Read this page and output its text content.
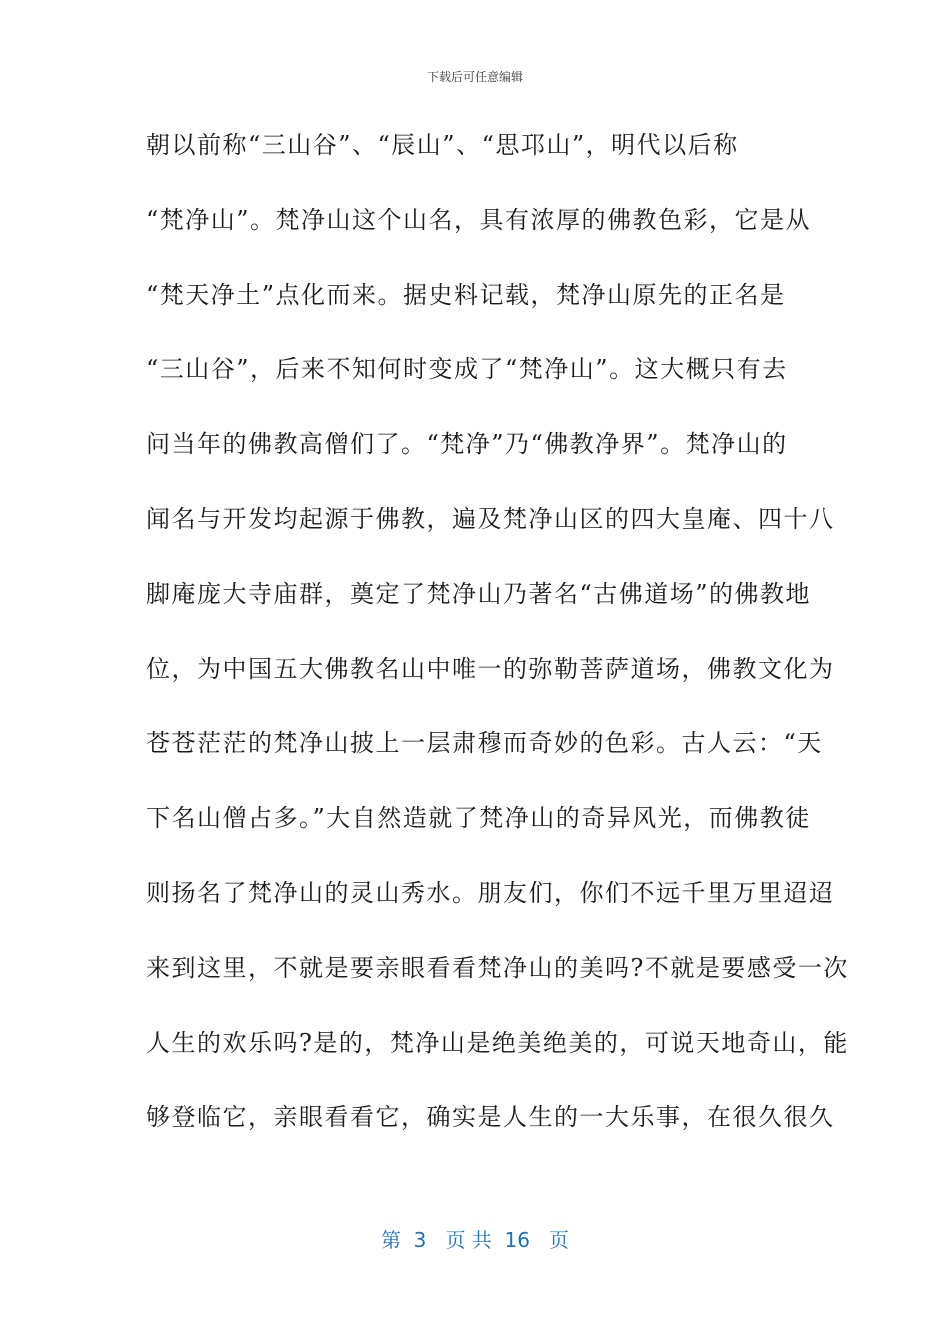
下载后可任意编辑
朝以前称“三山谷”、“辰山”、“思邛山”，明代以后称
“梵净山”。梵净山这个山名，具有浓厚的佛教色彩，它是从
“梵天净土”点化而来。据史料记载，梵净山原先的正名是
“三山谷”，后来不知何时变成了“梵净山”。这大概只有去
问当年的佛教高僧们了。“梵净”乃“佛教净界”。梵净山的
闻名与开发均起源于佛教，遍及梵净山区的四大皇庵、四十八
脚庵庞大寺庙群，奠定了梵净山乃著名“古佛道场”的佛教地
位，为中国五大佛教名山中唯一的弥勒菩萨道场，佛教文化为
苍苍茫茫的梵净山披上一层肃穆而奇妙的色彩。古人云：“天
下名山僧占多。”大自然造就了梵净山的奇异风光，而佛教徒
则扬名了梵净山的灵山秀水。朋友们，你们不远千里万里迢迢
来到这里，不就是要亲眼看看梵净山的美吗?不就是要感受一次
人生的欢乐吗?是的，梵净山是绝美绝美的，可说天地奇山，能
够登临它，亲眼看看它，确实是人生的一大乐事，在很久很久
第  3   页 共  16   页
